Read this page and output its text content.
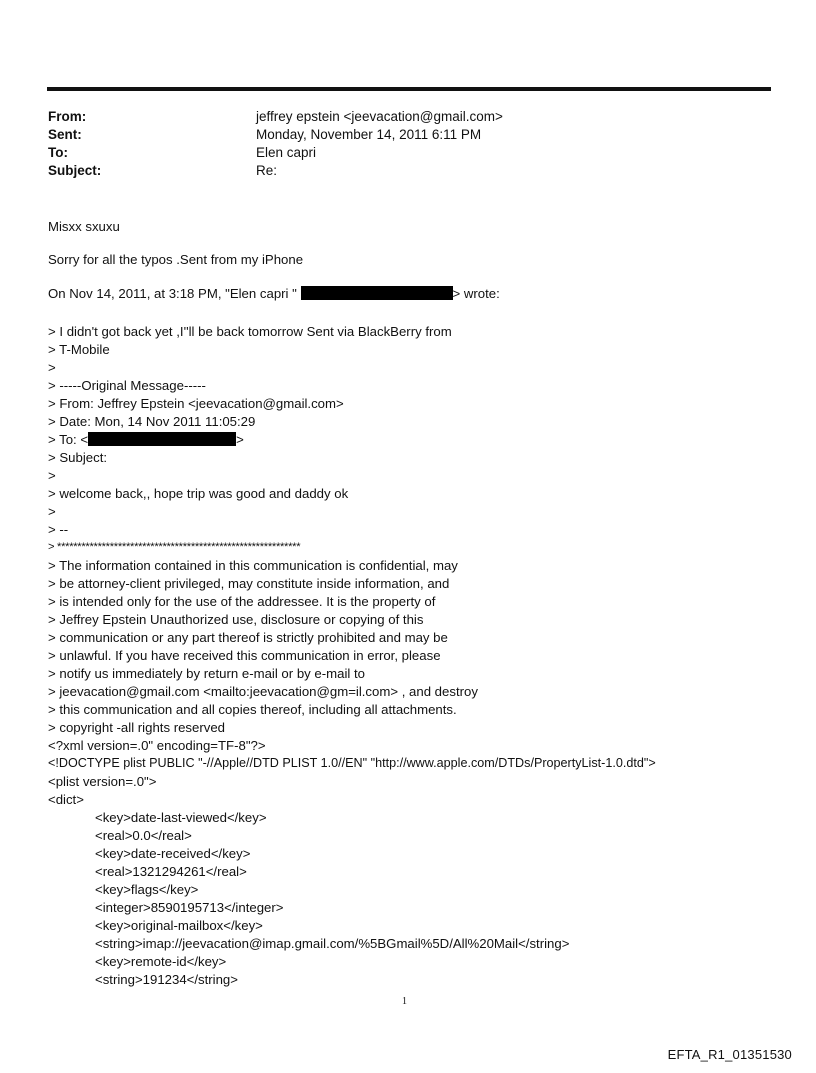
From:	jeffrey epstein <jeevacation@gmail.com>
Sent:	Monday, November 14, 2011 6:11 PM
To:	Elen capri
Subject:	Re:
Misxx sxuxu
Sorry for all the typos .Sent from my iPhone
On Nov 14, 2011, at 3:18 PM, "Elen capri "	> wrote:
> I didn't got back yet ,I''ll be back tomorrow Sent via BlackBerry from
> T-Mobile
>
> -----Original Message-----
> From: Jeffrey Epstein <jeevacation@gmail.com>
> Date: Mon, 14 Nov 2011 11:05:29
> To: <	>
> Subject:
>
> welcome back,, hope trip was good and daddy ok
>
> --
> ************************************************************
> The information contained in this communication is confidential, may
> be attorney-client privileged, may constitute inside information, and
> is intended only for the use of the addressee. It is the property of
> Jeffrey Epstein Unauthorized use, disclosure or copying of this
> communication or any part thereof is strictly prohibited and may be
> unlawful. If you have received this communication in error, please
> notify us immediately by return e-mail or by e-mail to
> jeevacation@gmail.com <mailto:jeevacation@gm=il.com> , and destroy
> this communication and all copies thereof, including all attachments.
> copyright -all rights reserved
<?xml version=.0" encoding=TF-8"?>
<!DOCTYPE plist PUBLIC "-//Apple//DTD PLIST 1.0//EN" "http://www.apple.com/DTDs/PropertyList-1.0.dtd">
<plist version=.0">
<dict>
<key>date-last-viewed</key>
<real>0.0</real>
<key>date-received</key>
<real>1321294261</real>
<key>flags</key>
<integer>8590195713</integer>
<key>original-mailbox</key>
<string>imap://jeevacation@imap.gmail.com/%5BGmail%5D/All%20Mail</string>
<key>remote-id</key>
<string>191234</string>
1
EFTA_R1_01351530
